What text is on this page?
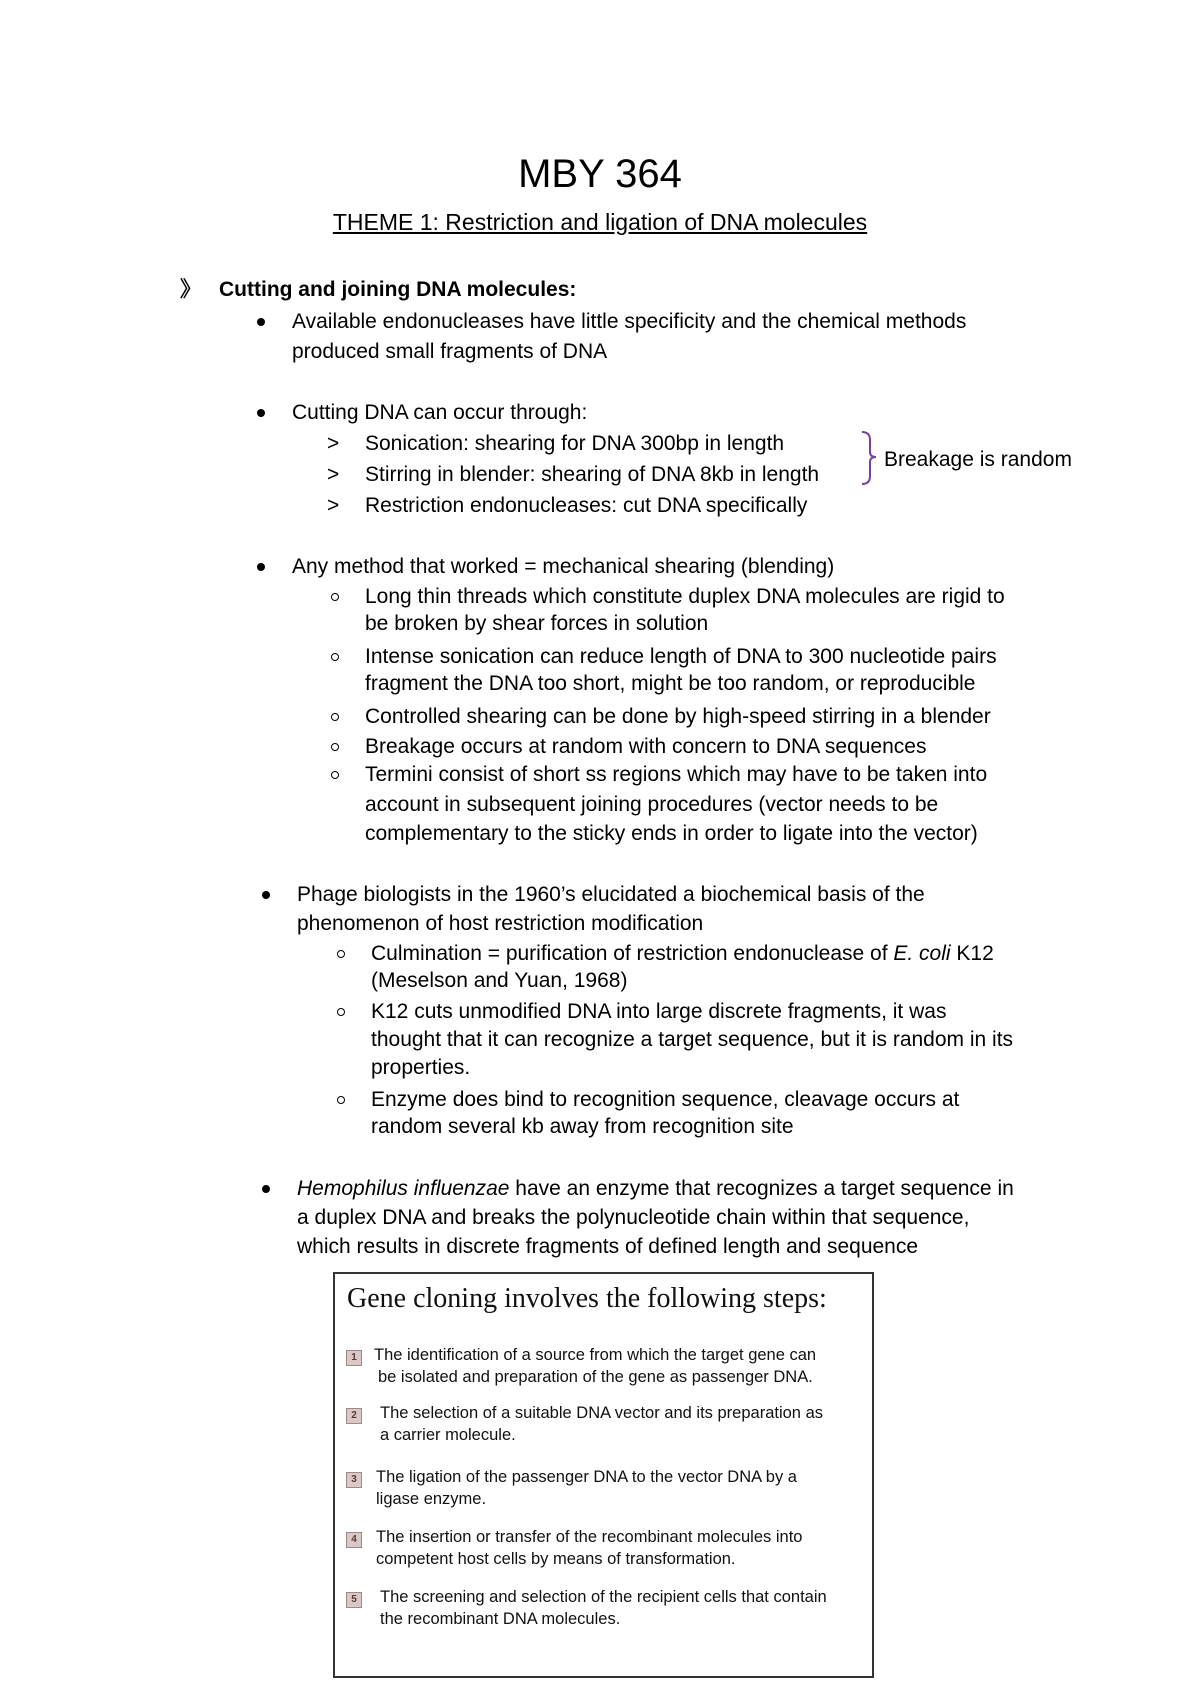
MBY 364
THEME 1: Restriction and ligation of DNA molecules
》 Cutting and joining DNA molecules:
Available endonucleases have little specificity and the chemical methods
produced small fragments of DNA
Cutting DNA can occur through:
> Sonication: shearing for DNA 300bp in length
> Stirring in blender: shearing of DNA 8kb in length
> Restriction endonucleases: cut DNA specifically
Breakage is random
Any method that worked = mechanical shearing (blending)
Long thin threads which constitute duplex DNA molecules are rigid to
be broken by shear forces in solution
Intense sonication can reduce length of DNA to 300 nucleotide pairs
fragment the DNA too short, might be too random, or reproducible
Controlled shearing can be done by high-speed stirring in a blender
Breakage occurs at random with concern to DNA sequences
Termini consist of short ss regions which may have to be taken into
account in subsequent joining procedures (vector needs to be
complementary to the sticky ends in order to ligate into the vector)
Phage biologists in the 1960’s elucidated a biochemical basis of the
phenomenon of host restriction modification
Culmination = purification of restriction endonuclease of E. coli K12
(Meselson and Yuan, 1968)
K12 cuts unmodified DNA into large discrete fragments, it was
thought that it can recognize a target sequence, but it is random in its
properties.
Enzyme does bind to recognition sequence, cleavage occurs at
random several kb away from recognition site
Hemophilus influenzae have an enzyme that recognizes a target sequence in
a duplex DNA and breaks the polynucleotide chain within that sequence,
which results in discrete fragments of defined length and sequence
Gene cloning involves the following steps:
1	The identification of a source from which the target gene can
be isolated and preparation of the gene as passenger DNA.
2	The selection of a suitable DNA vector and its preparation as
a carrier molecule.
3	The ligation of the passenger DNA to the vector DNA by a
ligase enzyme.
4	The insertion or transfer of the recombinant molecules into
competent host cells by means of transformation.
5	The screening and selection of the recipient cells that contain
the recombinant DNA molecules.
